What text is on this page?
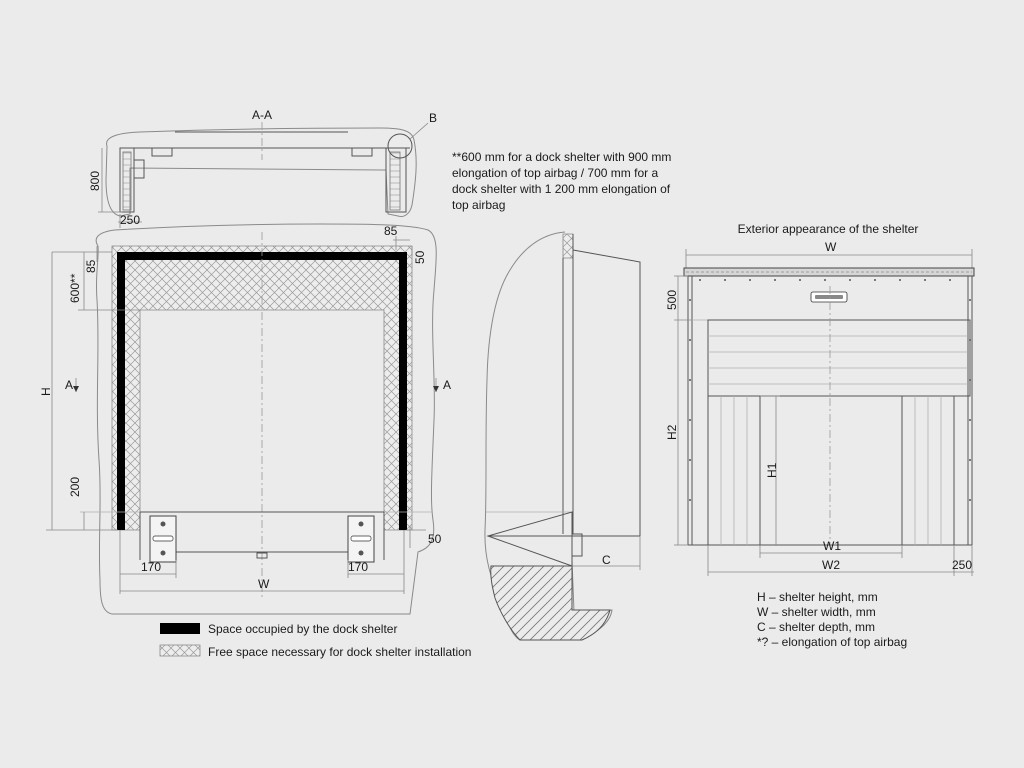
A-A	B
800
250
85
50
85
600**
H
200
50
170	170
W
A	A
C
**600 mm for a dock shelter with 900 mm
elongation of top airbag / 700 mm for a
dock shelter with 1 200 mm elongation of
top airbag
Exterior appearance of the shelter
W
500
H2
H1
W1
W2	250
Space occupied by the dock shelter
Free space necessary for dock shelter installation
H – shelter height, mm
W – shelter width, mm
C – shelter depth, mm
*? – elongation of top airbag
